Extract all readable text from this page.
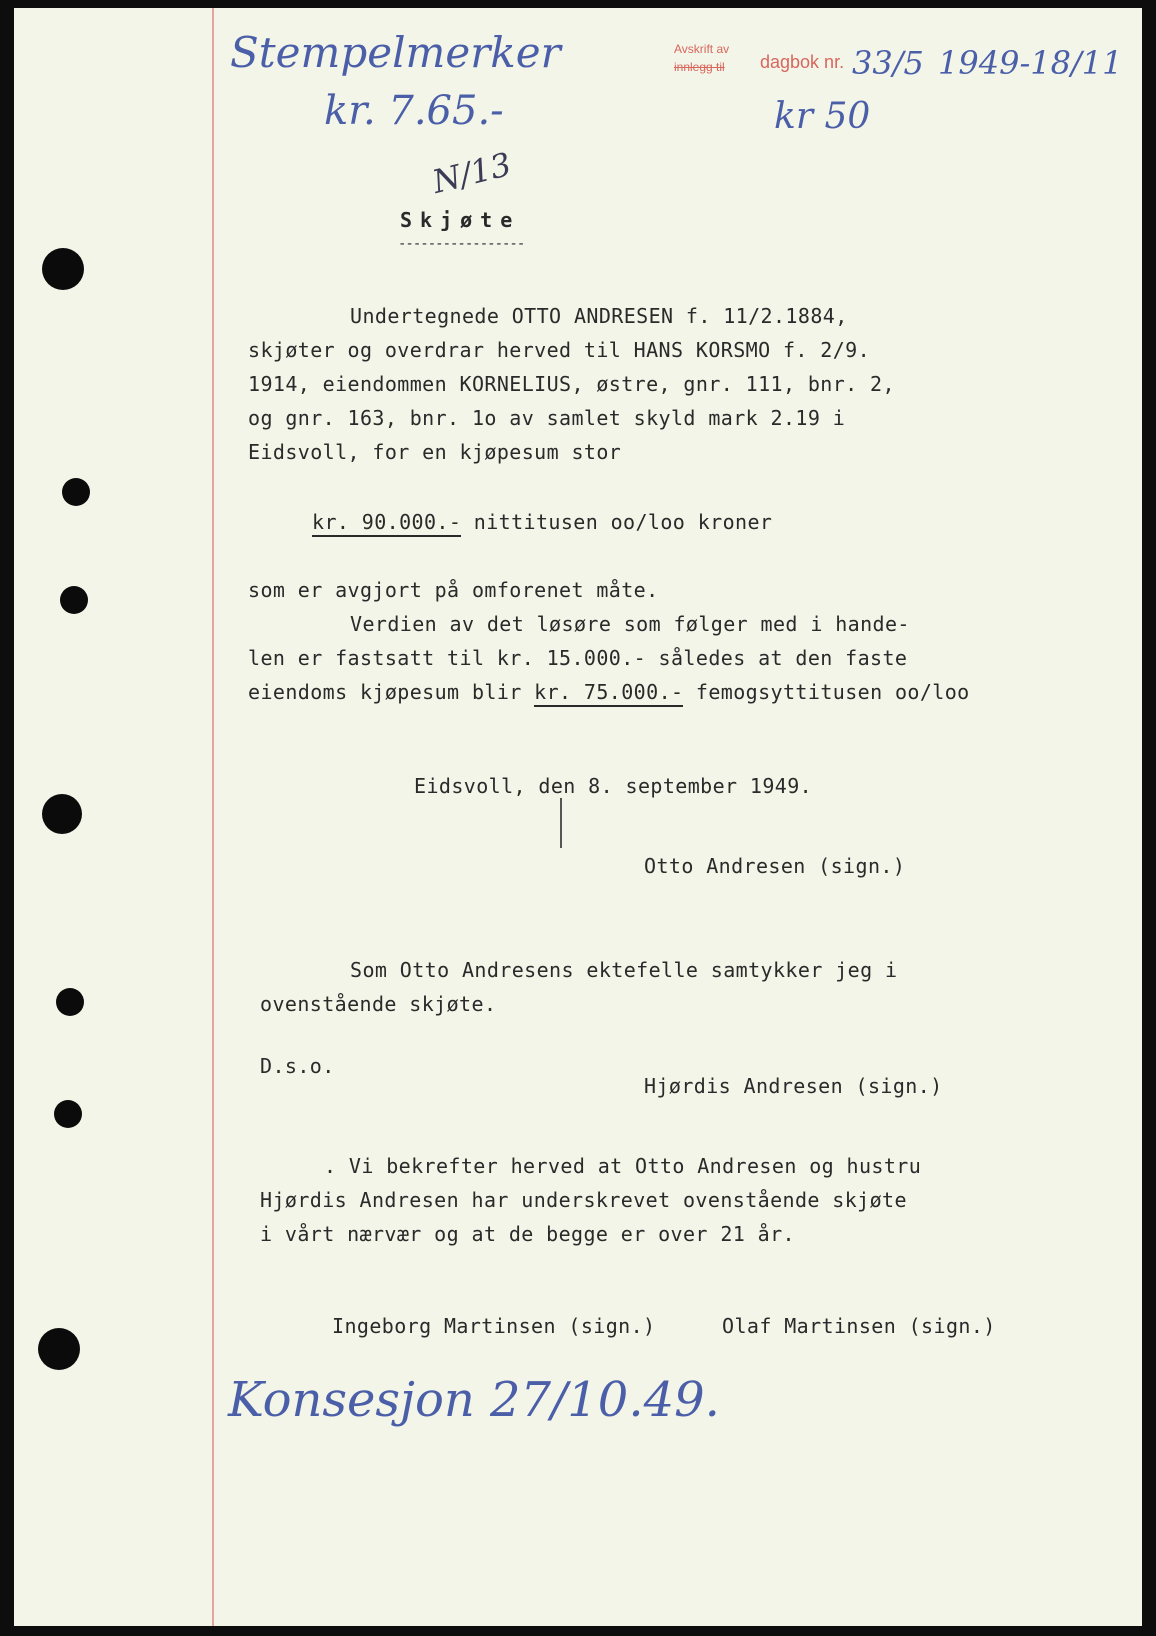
Stempelmerker
kr. 7.65.-
Avskrift av
innlegg til dagbok nr. 33/5 1949-18/11
kr 50
N/13
Skjøte
-----------------
Undertegnede OTTO ANDRESEN f. 11/2.1884,
skjøter og overdrar herved til HANS KORSMO f. 2/9.
1914, eiendommen KORNELIUS, østre, gnr. 111, bnr. 2,
og gnr. 163, bnr. 1o av samlet skyld mark 2.19 i
Eidsvoll, for en kjøpesum stor
kr. 90.000.- nittitusen oo/loo kroner
som er avgjort på omforenet måte.
Verdien av det løsøre som følger med i hande-
len er fastsatt til kr. 15.000.- således at den faste
eiendoms kjøpesum blir kr. 75.000.- femogsyttitusen oo/loo
Eidsvoll, den 8. september 1949.
Otto Andresen (sign.)
Som Otto Andresens ektefelle samtykker jeg i
ovenstående skjøte.
D.s.o.
Hjørdis Andresen (sign.)
. Vi bekrefter herved at Otto Andresen og hustru
Hjørdis Andresen har underskrevet ovenstående skjøte
i vårt nærvær og at de begge er over 21 år.
Ingeborg Martinsen (sign.)	Olaf Martinsen (sign.)
Konsesjon 27/10.49.
